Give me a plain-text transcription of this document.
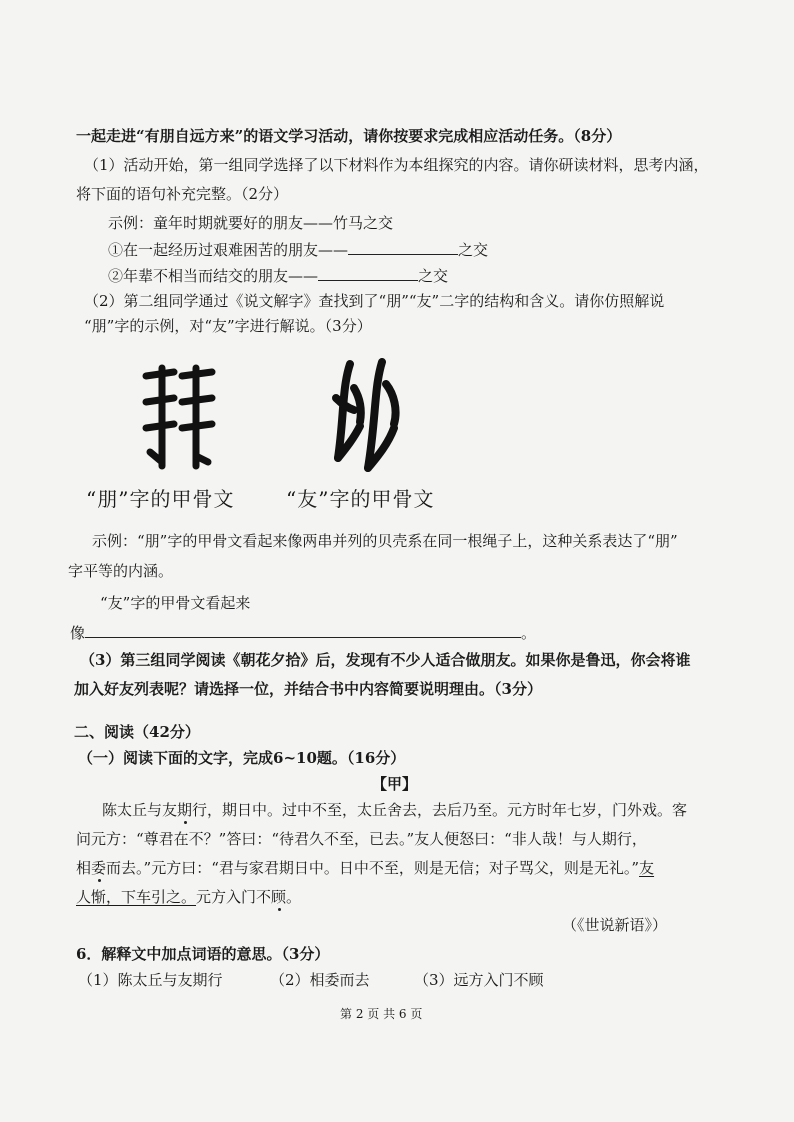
一起走进“有朋自远方来”的语文学习活动，请你按要求完成相应活动任务。（8分）
（1）活动开始，第一组同学选择了以下材料作为本组探究的内容。请你研读材料，思考内涵，
将下面的语句补充完整。（2分）
示例：童年时期就要好的朋友——竹马之交
①在一起经历过艰难困苦的朋友——	之交
②年辈不相当而结交的朋友——	之交
（2）第二组同学通过《说文解字》查找到了“朋”“友”二字的结构和含义。请你仿照解说
“朋”字的示例，对“友”字进行解说。（3分）
“朋”字的甲骨文	“友”字的甲骨文
示例：“朋”字的甲骨文看起来像两串并列的贝壳系在同一根绳子上，这种关系表达了“朋”
字平等的内涵。
“友”字的甲骨文看起来
像	。
（3）第三组同学阅读《朝花夕拾》后，发现有不少人适合做朋友。如果你是鲁迅，你会将谁
加入好友列表呢？请选择一位，并结合书中内容简要说明理由。（3分）
二、阅读（42分）
（一）阅读下面的文字，完成6~10题。（16分）
【甲】
陈太丘与友期行，期日中。过中不至，太丘舍去，去后乃至。元方时年七岁，门外戏。客
问元方：“尊君在不？”答曰：“待君久不至，已去。”友人便怒曰：“非人哉！与人期行，
相委而去。”元方曰：“君与家君期日中。日中不至，则是无信；对子骂父，则是无礼。”友
人惭，下车引之。元方入门不顾。
（《世说新语》）
6．解释文中加点词语的意思。（3分）
（1）陈太丘与友期行	（2）相委而去	（3）远方入门不顾
第 2 页 共 6 页
